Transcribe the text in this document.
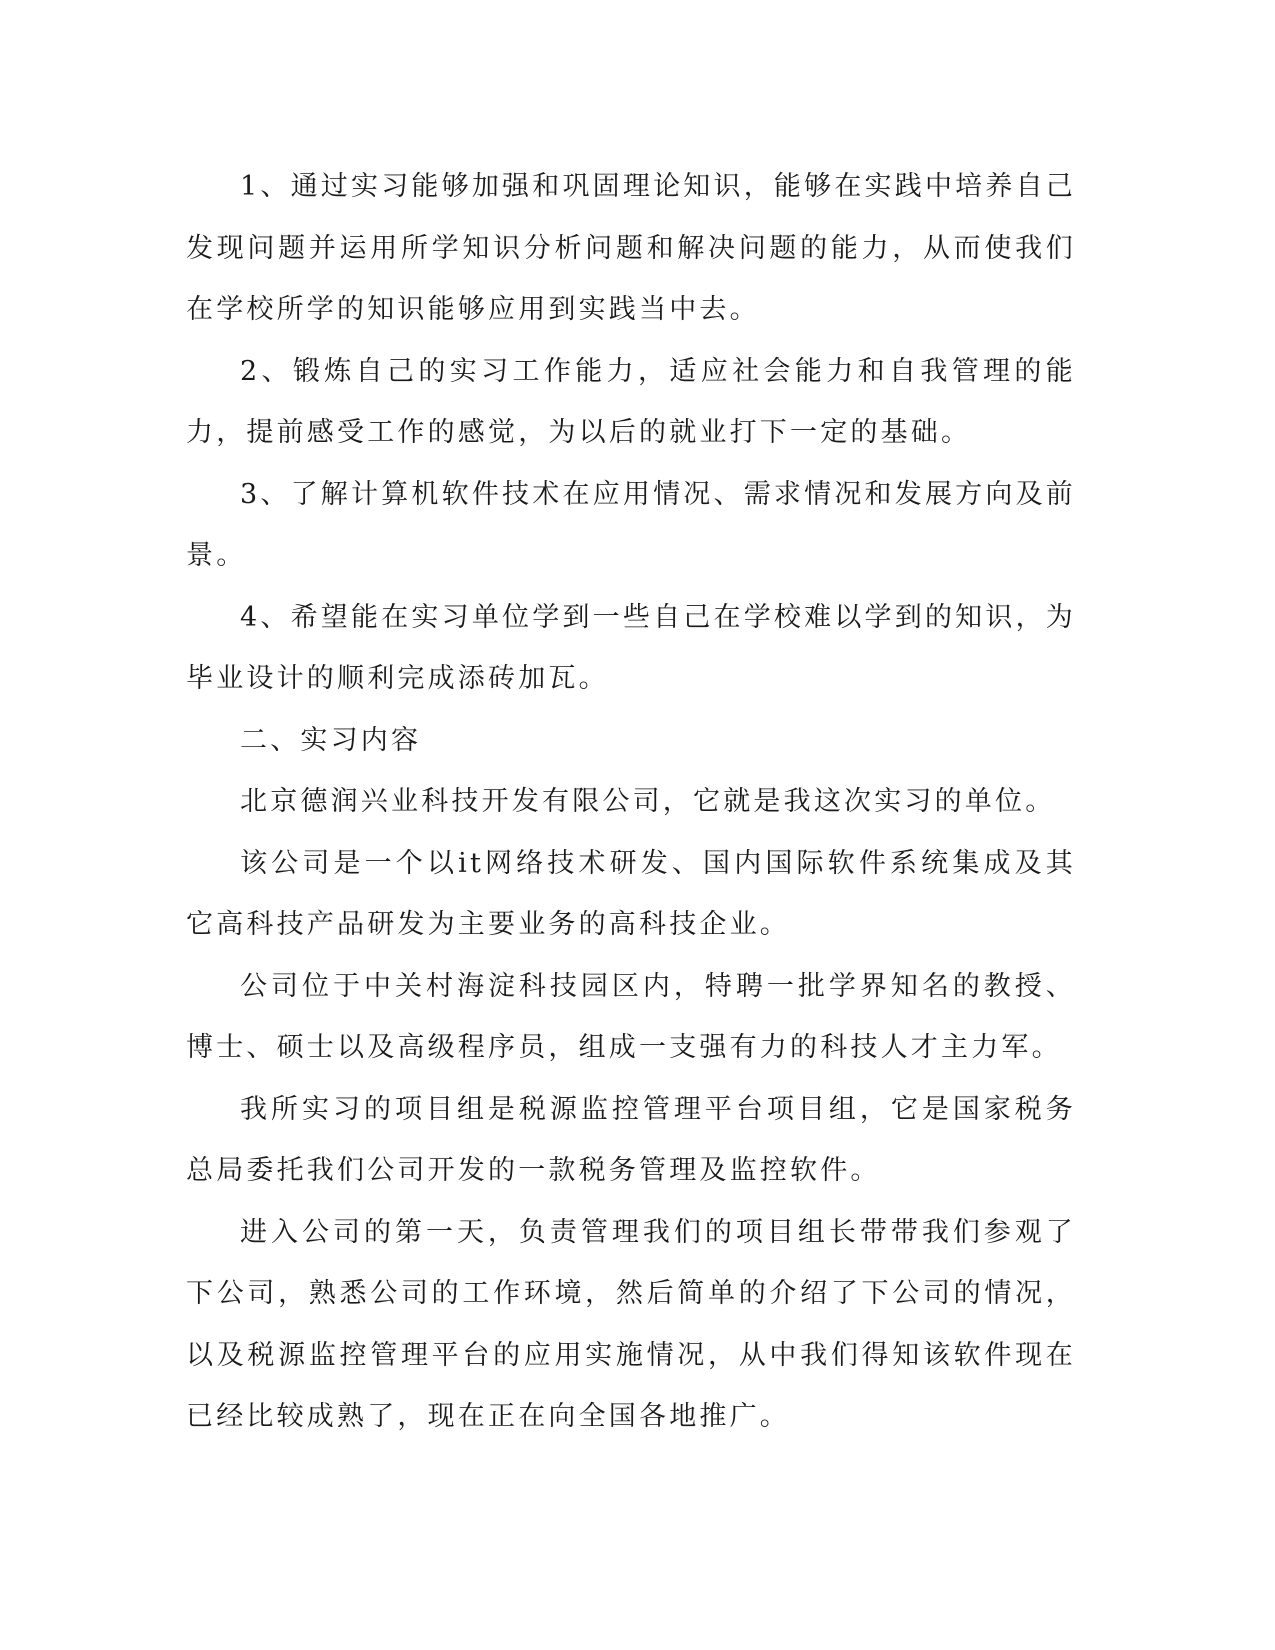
1、通过实习能够加强和巩固理论知识，能够在实践中培养自己发现问题并运用所学知识分析问题和解决问题的能力，从而使我们在学校所学的知识能够应用到实践当中去。

2、锻炼自己的实习工作能力，适应社会能力和自我管理的能力，提前感受工作的感觉，为以后的就业打下一定的基础。

3、了解计算机软件技术在应用情况、需求情况和发展方向及前景。

4、希望能在实习单位学到一些自己在学校难以学到的知识，为毕业设计的顺利完成添砖加瓦。

二、实习内容

北京德润兴业科技开发有限公司，它就是我这次实习的单位。

该公司是一个以it网络技术研发、国内国际软件系统集成及其它高科技产品研发为主要业务的高科技企业。

公司位于中关村海淀科技园区内，特聘一批学界知名的教授、博士、硕士以及高级程序员，组成一支强有力的科技人才主力军。

我所实习的项目组是税源监控管理平台项目组，它是国家税务总局委托我们公司开发的一款税务管理及监控软件。

进入公司的第一天，负责管理我们的项目组长带带我们参观了下公司，熟悉公司的工作环境，然后简单的介绍了下公司的情况，以及税源监控管理平台的应用实施情况，从中我们得知该软件现在已经比较成熟了，现在正在向全国各地推广。
